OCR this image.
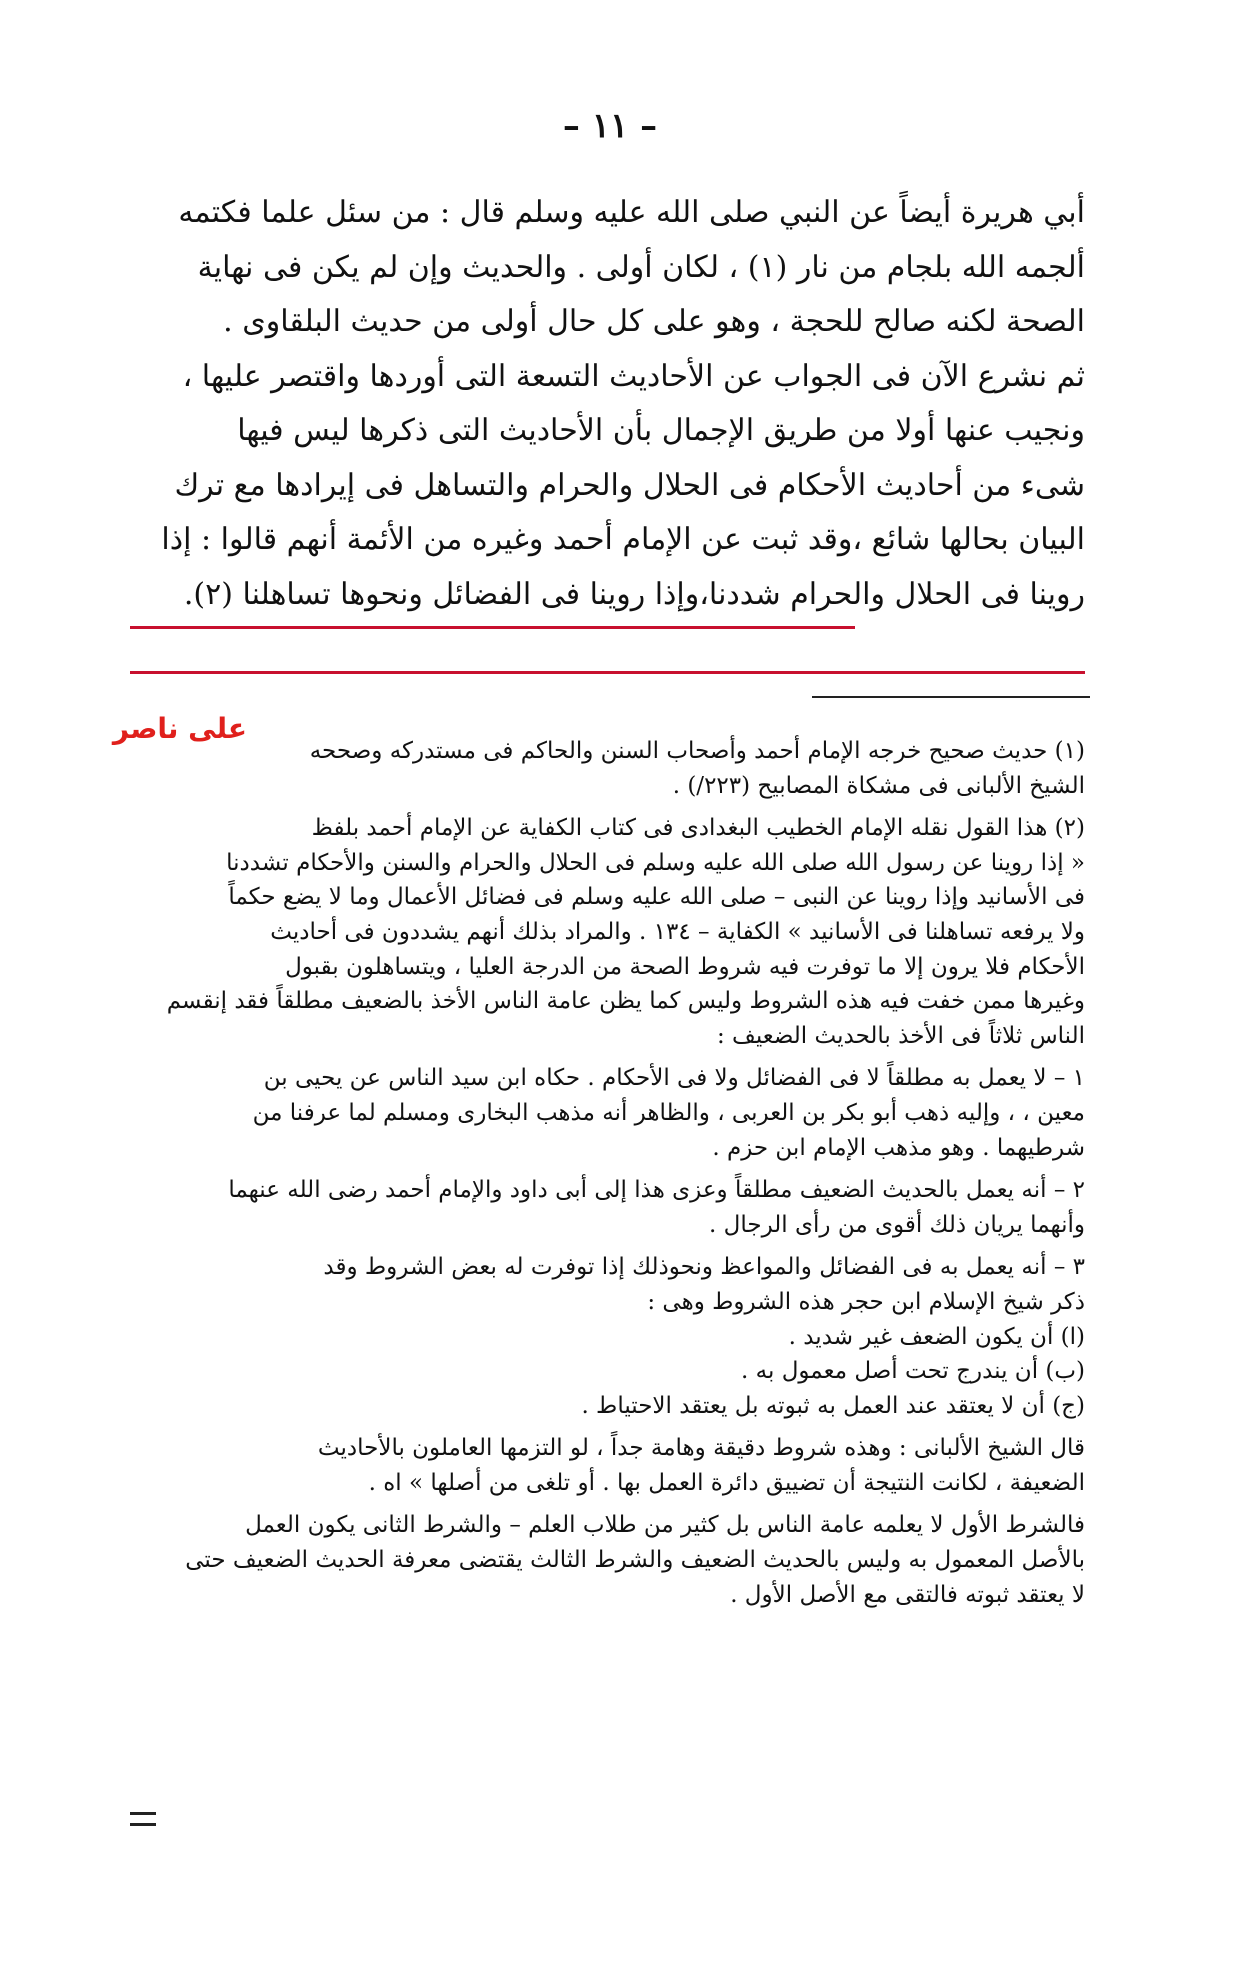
– ١١ –
أبي هريرة أيضاً عن النبي صلى الله عليه وسلم قال : من سئل علما فكتمه
ألجمه الله بلجام من نار (١) ، لكان أولى . والحديث وإن لم يكن فى نهاية
الصحة لكنه صالح للحجة ، وهو على كل حال أولى من حديث البلقاوى .
ثم نشرع الآن فى الجواب عن الأحاديث التسعة التى أوردها واقتصر عليها ،
ونجيب عنها أولا من طريق الإجمال بأن الأحاديث التى ذكرها ليس فيها
شىء من أحاديث الأحكام فى الحلال والحرام والتساهل فى إيرادها مع ترك
البيان بحالها شائع ،وقد ثبت عن الإمام أحمد وغيره من الأئمة أنهم قالوا : إذا
روينا فى الحلال والحرام شددنا،وإذا روينا فى الفضائل ونحوها تساهلنا (٢).
على ناصر
(١) حديث صحيح خرجه الإمام أحمد وأصحاب السنن والحاكم فى مستدركه وصححه
الشيخ الألبانى فى مشكاة المصابيح (٢٢٣/) .
(٢) هذا القول نقله الإمام الخطيب البغدادى فى كتاب الكفاية عن الإمام أحمد بلفظ
« إذا روينا عن رسول الله صلى الله عليه وسلم فى الحلال والحرام والسنن والأحكام تشددنا
فى الأسانيد وإذا روينا عن النبى – صلى الله عليه وسلم فى فضائل الأعمال وما لا يضع حكماً
ولا يرفعه تساهلنا فى الأسانيد » الكفاية – ١٣٤ . والمراد بذلك أنهم يشددون فى أحاديث
الأحكام فلا يرون إلا ما توفرت فيه شروط الصحة من الدرجة العليا ، ويتساهلون بقبول
وغيرها ممن خفت فيه هذه الشروط وليس كما يظن عامة الناس الأخذ بالضعيف مطلقاً فقد إنقسم
الناس ثلاثاً فى الأخذ بالحديث الضعيف :
١ – لا يعمل به مطلقاً لا فى الفضائل ولا فى الأحكام . حكاه ابن سيد الناس عن يحيى بن
معين ، ، وإليه ذهب أبو بكر بن العربى ، والظاهر أنه مذهب البخارى ومسلم لما عرفنا من
شرطيهما . وهو مذهب الإمام ابن حزم .
٢ – أنه يعمل بالحديث الضعيف مطلقاً وعزى هذا إلى أبى داود والإمام أحمد رضى الله عنهما
وأنهما يريان ذلك أقوى من رأى الرجال .
٣ – أنه يعمل به فى الفضائل والمواعظ ونحوذلك إذا توفرت له بعض الشروط وقد
ذكر شيخ الإسلام ابن حجر هذه الشروط وهى :
(ا) أن يكون الضعف غير شديد .
(ب) أن يندرج تحت أصل معمول به .
(ج) أن لا يعتقد عند العمل به ثبوته بل يعتقد الاحتياط .
قال الشيخ الألبانى : وهذه شروط دقيقة وهامة جداً ، لو التزمها العاملون بالأحاديث
الضعيفة ، لكانت النتيجة أن تضييق دائرة العمل بها . أو تلغى من أصلها » اه .
فالشرط الأول لا يعلمه عامة الناس بل كثير من طلاب العلم – والشرط الثانى يكون العمل
بالأصل المعمول به وليس بالحديث الضعيف والشرط الثالث يقتضى معرفة الحديث الضعيف حتى
لا يعتقد ثبوته فالتقى مع الأصل الأول .
